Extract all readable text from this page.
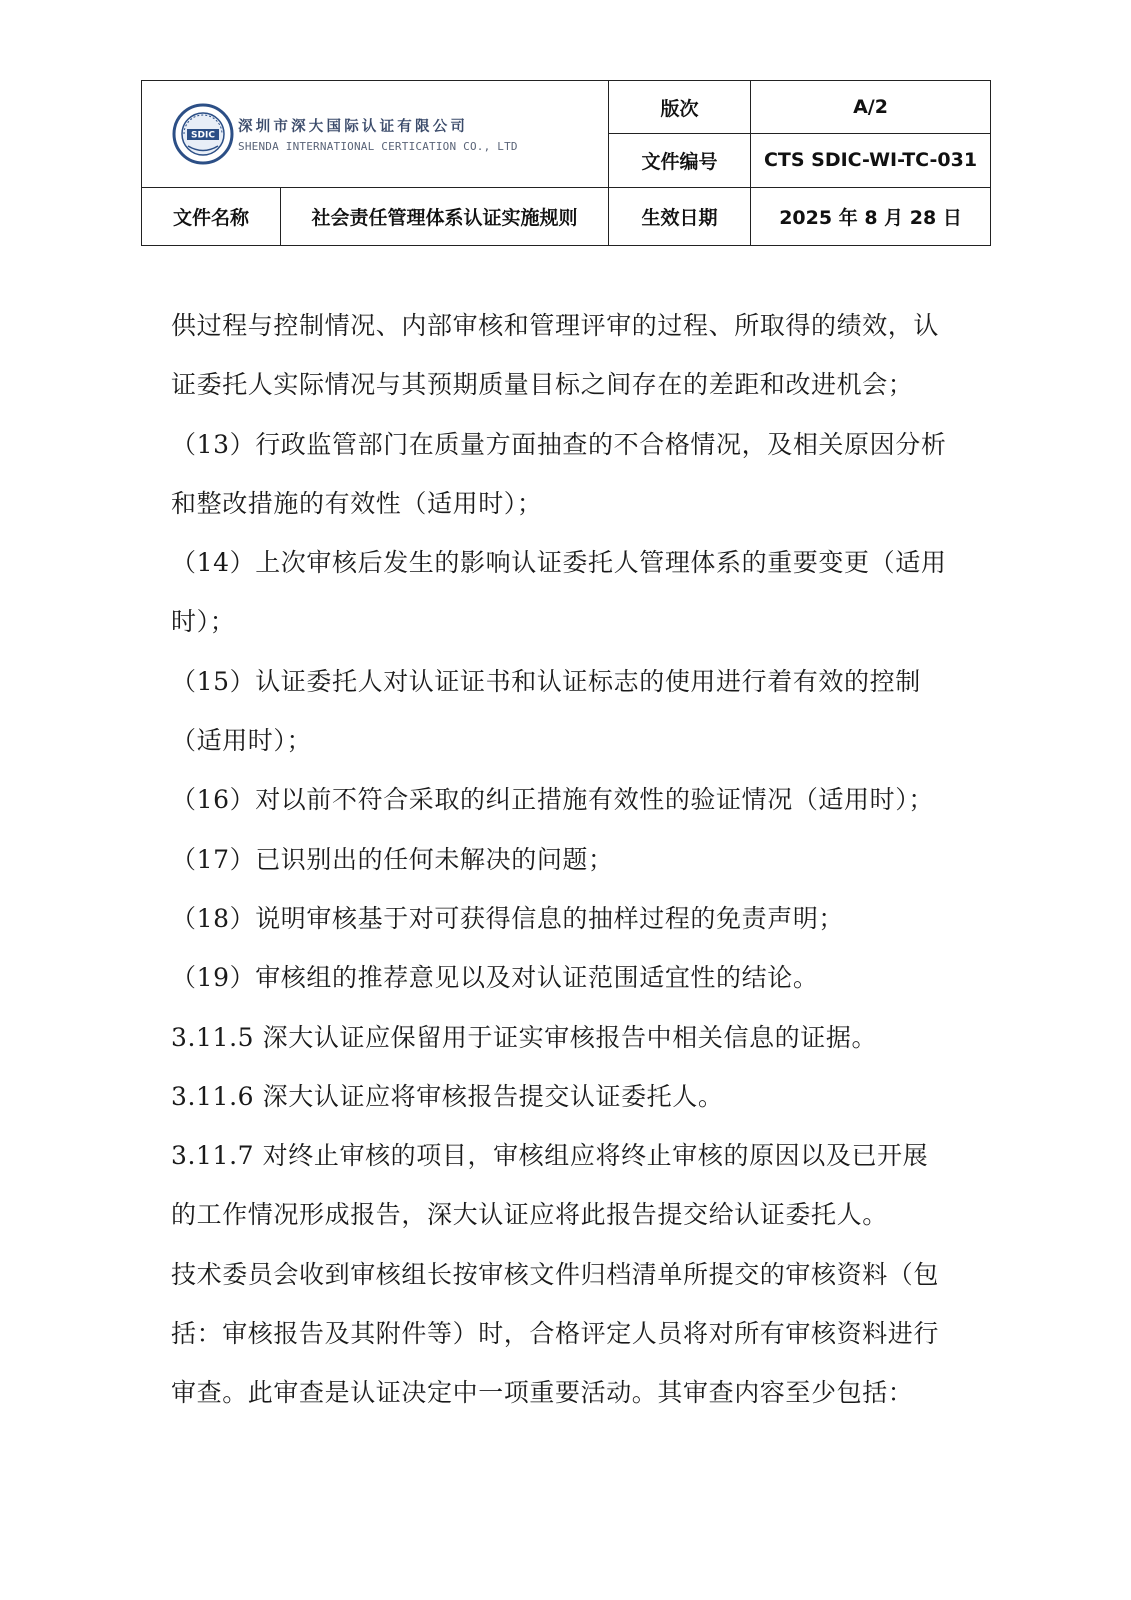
SDIC
深圳市深大国际认证有限公司
SHENDA INTERNATIONAL CERTICATION CO., LTD		版次	A/2
		文件编号	CTS SDIC-WI-TC-031
文件名称	社会责任管理体系认证实施规则	生效日期	2025 年 8 月 28 日
供过程与控制情况、内部审核和管理评审的过程、所取得的绩效，认
证委托人实际情况与其预期质量目标之间存在的差距和改进机会；
（13）行政监管部门在质量方面抽查的不合格情况，及相关原因分析
和整改措施的有效性（适用时）；
（14）上次审核后发生的影响认证委托人管理体系的重要变更（适用
时）；
（15）认证委托人对认证证书和认证标志的使用进行着有效的控制
（适用时）；
（16）对以前不符合采取的纠正措施有效性的验证情况（适用时）；
（17）已识别出的任何未解决的问题；
（18）说明审核基于对可获得信息的抽样过程的免责声明；
（19）审核组的推荐意见以及对认证范围适宜性的结论。
3.11.5 深大认证应保留用于证实审核报告中相关信息的证据。
3.11.6 深大认证应将审核报告提交认证委托人。
3.11.7 对终止审核的项目，审核组应将终止审核的原因以及已开展
的工作情况形成报告，深大认证应将此报告提交给认证委托人。
技术委员会收到审核组长按审核文件归档清单所提交的审核资料（包
括：审核报告及其附件等）时，合格评定人员将对所有审核资料进行
审查。此审查是认证决定中一项重要活动。其审查内容至少包括：
